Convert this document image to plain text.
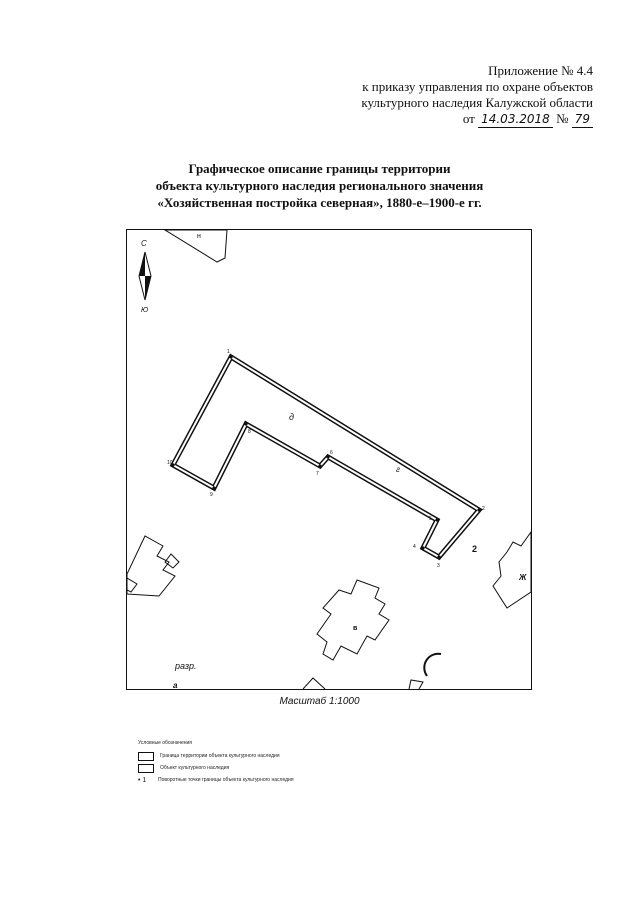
Приложение № 4.4
к приказу управления по охране объектов
культурного наследия Калужской области
от 14.03.2018 № 79
Графическое описание границы территории
объекта культурного наследия регионального значения
«Хозяйственная постройка северная», 1880-е–1900-е гг.
н
С
Ю
1
2
3
4
5
6
7
8
9
10
д
г
2
Ж
в
разр.
а
Масштаб 1:1000
Условные обозначения
Граница территории объекта культурного наследия
Объект культурного наследия
• 1	Поворотные точки границы объекта культурного наследия
